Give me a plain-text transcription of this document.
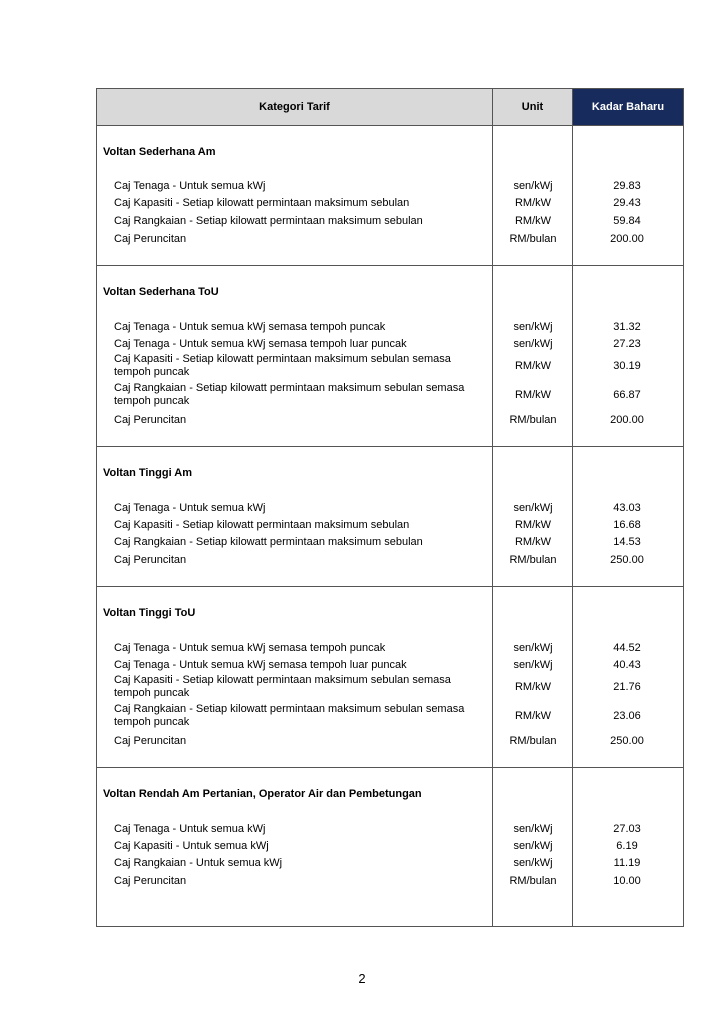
Kategori Tarif	Unit	Kadar Baharu
Voltan Sederhana Am
Caj Tenaga - Untuk semua kWj	sen/kWj	29.83
Caj Kapasiti - Setiap kilowatt permintaan maksimum sebulan	RM/kW	29.43
Caj Rangkaian - Setiap kilowatt permintaan maksimum sebulan	RM/kW	59.84
Caj Peruncitan	RM/bulan	200.00
Voltan Sederhana ToU
Caj Tenaga - Untuk semua kWj semasa tempoh puncak	sen/kWj	31.32
Caj Tenaga - Untuk semua kWj semasa tempoh luar puncak	sen/kWj	27.23
Caj Kapasiti - Setiap kilowatt permintaan maksimum sebulan semasa tempoh puncak	RM/kW	30.19
Caj Rangkaian - Setiap kilowatt permintaan maksimum sebulan semasa tempoh puncak	RM/kW	66.87
Caj Peruncitan	RM/bulan	200.00
Voltan Tinggi Am
Caj Tenaga - Untuk semua kWj	sen/kWj	43.03
Caj Kapasiti - Setiap kilowatt permintaan maksimum sebulan	RM/kW	16.68
Caj Rangkaian - Setiap kilowatt permintaan maksimum sebulan	RM/kW	14.53
Caj Peruncitan	RM/bulan	250.00
Voltan Tinggi ToU
Caj Tenaga - Untuk semua kWj semasa tempoh puncak	sen/kWj	44.52
Caj Tenaga - Untuk semua kWj semasa tempoh luar puncak	sen/kWj	40.43
Caj Kapasiti - Setiap kilowatt permintaan maksimum sebulan semasa tempoh puncak	RM/kW	21.76
Caj Rangkaian - Setiap kilowatt permintaan maksimum sebulan semasa tempoh puncak	RM/kW	23.06
Caj Peruncitan	RM/bulan	250.00
Voltan Rendah Am Pertanian, Operator Air dan Pembetungan
Caj Tenaga - Untuk semua kWj	sen/kWj	27.03
Caj Kapasiti - Untuk semua kWj	sen/kWj	6.19
Caj Rangkaian - Untuk semua kWj	sen/kWj	11.19
Caj Peruncitan	RM/bulan	10.00
2
